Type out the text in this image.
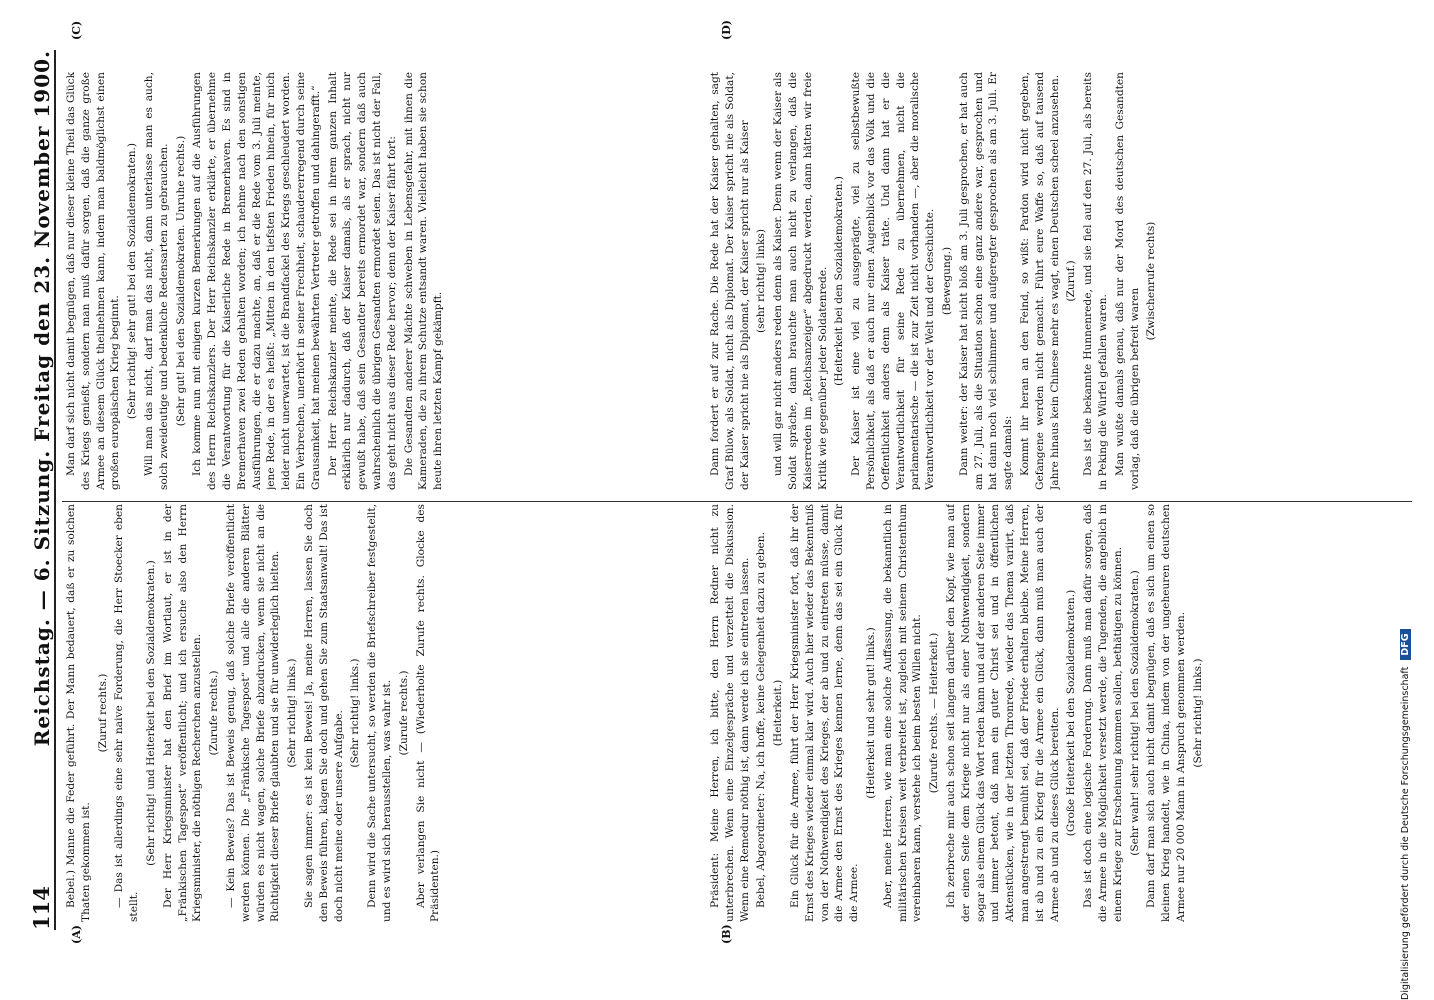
114
Reichstag. — 6. Sitzung. Freitag den 23. November 1900.
(A)	(B)
(C)	(D)

Bebel.) Manne die Feder geführt. Der Mann bedauert, daß er zu solchen Thaten gekommen ist.

(Zuruf rechts.) — Das ist allerdings eine sehr naive Forderung, die Herr Stoecker eben stellt.

(Sehr richtig! und Heiterkeit bei den Sozialdemokraten.) Der Herr Kriegsminister hat den Brief im Wortlaut, er ist in der „Fränkischen Tagespost“ veröffentlicht; und ich ersuche also den Herrn Kriegsminister, die nöthigen Recherchen anzustellen. (Zurufe rechts.) — Kein Beweis? Das ist Beweis genug, daß solche Briefe veröffentlicht werden können. Die „Fränkische Tagespost“ und alle die anderen Blätter würden es nicht wagen, solche Briefe abzudrucken, wenn sie nicht an die Richtigkeit dieser Briefe glaubten und sie für unwiderleglich hielten. (Sehr richtig! links.) Sie sagen immer: es ist kein Beweis! Ja, meine Herren, lassen Sie doch den Beweis führen, klagen Sie doch und gehen Sie zum Staatsanwalt! Das ist doch nicht meine oder unsere Aufgabe. (Sehr richtig! links.) Denn wird die Sache untersucht, so werden die Briefschreiber festgestellt, und es wird sich herausstellen, was wahr ist. (Zurufe rechts.) Aber verlangen Sie nicht — (Wiederholte Zurufe rechts. Glocke des Präsidenten.)	Präsident: Meine Herren, ich bitte, den Herrn Redner nicht zu unterbrechen. Wenn eine Einzelgespräche und verzettelt die Diskussion. Wenn eine Remedur nöthig ist, dann werde ich sie eintreten lassen. Bebel, Abgeordneter: Na, ich hoffe, keine Gelegenheit dazu zu geben. (Heiterkeit.) Ein Glück für die Armee, führt der Herr Kriegsminister fort, daß ihr der Ernst des Krieges wieder einmal klar wird. Auch hier wieder das Bekenntniß von der Nothwendigkeit des Krieges, der ab und zu eintreten müsse, damit die Armee den Ernst des Krieges kennen lerne, denn das sei ein Glück für die Armee.

(Heiterkeit und sehr gut! links.) Aber, meine Herren, wie man eine solche Auffassung, die bekanntlich in militärischen Kreisen weit verbreitet ist, zugleich mit seinem Christenthum vereinbaren kann, verstehe ich beim besten Willen nicht. (Zurufe rechts. — Heiterkeit.) Ich zerbreche mir auch schon seit langem darüber den Kopf, wie man auf der einen Seite dem Kriege nicht nur als einer Nothwendigkeit, sondern sogar als einem Glück das Wort reden kann und auf der anderen Seite immer und immer betont, daß man ein guter Christ sei und in öffentlichen Aktenstücken, wie in der letzten Thronrede, wieder das Thema variirt, daß man angestrengt bemüht sei, daß der Friede erhalten bleibe. Meine Herren, ist ab und zu ein Krieg für die Armee ein Glück, dann muß man auch der Armee ab und zu dieses Glück bereiten. (Große Heiterkeit bei den Sozialdemokraten.) Das ist doch eine logische Forderung. Dann muß man dafür sorgen, daß die Armee in die Möglichkeit versetzt werde, die Tugenden, die angeblich in einem Kriege zur Erscheinung kommen sollen, bethätigen zu können. (Sehr wahr! sehr richtig! bei den Sozialdemokraten.) Dann darf man sich auch nicht damit begnügen, daß es sich um einen so kleinen Krieg handelt, wie in China, indem von der ungeheuren deutschen Armee nur 20 000 Mann in Anspruch genommen werden. (Sehr richtig! links.)

Man darf sich nicht damit begnügen, daß nur dieser kleine Theil das Glück des Kriegs genießt, sondern man muß dafür sorgen, daß die ganze große Armee an diesem Glück theilnehmen kann, indem man baldmöglichst einen großen europäischen Krieg beginnt. (Sehr richtig! sehr gut! bei den Sozialdemokraten.) Will man das nicht, darf man das nicht, dann unterlasse man es auch, solch zweideutige und bedenkliche Redensarten zu gebrauchen. (Sehr gut! bei den Sozialdemokraten. Unruhe rechts.) Ich komme nun mit einigen kurzen Bemerkungen auf die Ausführungen des Herrn Reichskanzlers. Der Herr Reichskanzler erklärte, er übernehme die Verantwortung für die Kaiserliche Rede in Bremerhaven. Es sind in Bremerhaven zwei Reden gehalten worden; ich nehme nach den sonstigen Ausführungen, die er dazu machte, an, daß er die Rede vom 3. Juli meinte, jene Rede, in der es heißt: „Mitten in den tiefsten Frieden hinein, für mich leider nicht unerwartet, ist die Brandfackel des Kriegs geschleudert worden. Ein Verbrechen, unerhört in seiner Frechheit, schaudererregend durch seine Grausamkeit, hat meinen bewährten Vertreter getroffen und dahingerafft.“ Der Herr Reichskanzler meinte, die Rede sei in ihrem ganzen Inhalt erklärlich nur dadurch, daß der Kaiser damals, als er sprach, nicht nur gewußt habe, daß sein Gesandter bereits ermordet war, sondern daß auch wahrscheinlich die übrigen Gesandten ermordet seien. Das ist nicht der Fall, das geht nicht aus dieser Rede hervor; denn der Kaiser fährt fort: Die Gesandten anderer Mächte schweben in Lebensgefahr, mit ihnen die Kameraden, die zu ihrem Schutze entsandt waren. Vielleicht haben sie schon heute ihren letzten Kampf gekämpft.	Dann fordert er auf zur Rache. Die Rede hat der Kaiser gehalten, sagt Graf Bülow, als Soldat, nicht als Diplomat. Der Kaiser spricht nie als Soldat, der Kaiser spricht nie als Diplomat, der Kaiser spricht nur als Kaiser (sehr richtig! links) und will gar nicht anders reden denn als Kaiser. Denn wenn der Kaiser als Soldat spräche, dann brauchte man auch nicht zu verlangen, daß die Kaiserreden im „Reichsanzeiger“ abgedruckt werden, dann hätten wir freie Kritik wie gegenüber jeder Soldatenrede. (Heiterkeit bei den Sozialdemokraten.) Der Kaiser ist eine viel zu ausgeprägte, viel zu selbstbewußte Persönlichkeit, als daß er auch nur einen Augenblick vor das Volk und die Oeffentlichkeit anders denn als Kaiser träte. Und dann hat er die Verantwortlichkeit für seine Rede zu übernehmen, nicht die parlamentarische — die ist zur Zeit nicht vorhanden —, aber die moralische Verantwortlichkeit vor der Welt und der Geschichte. (Bewegung.) Dann weiter: der Kaiser hat nicht bloß am 3. Juli gesprochen, er hat auch am 27. Juli, als die Situation schon eine ganz andere war, gesprochen und hat dann noch viel schlimmer und aufgeregter gesprochen als am 3. Juli. Er sagte damals: Kommt ihr heran an den Feind, so wißt: Pardon wird nicht gegeben, Gefangene werden nicht gemacht. Führt eure Waffe so, daß auf tausend Jahre hinaus kein Chinese mehr es wagt, einen Deutschen scheel anzusehen. (Zuruf.) Das ist die bekannte Hunnenrede, und sie fiel auf den 27. Juli, als bereits in Peking die Würfel gefallen waren. Man wußte damals genau, daß nur der Mord des deutschen Gesandten vorlag, daß die übrigen befreit waren

(Zwischenrufe rechts)

Digitalisierung gefördert durch die Deutsche Forschungsgemeinschaft DFG
